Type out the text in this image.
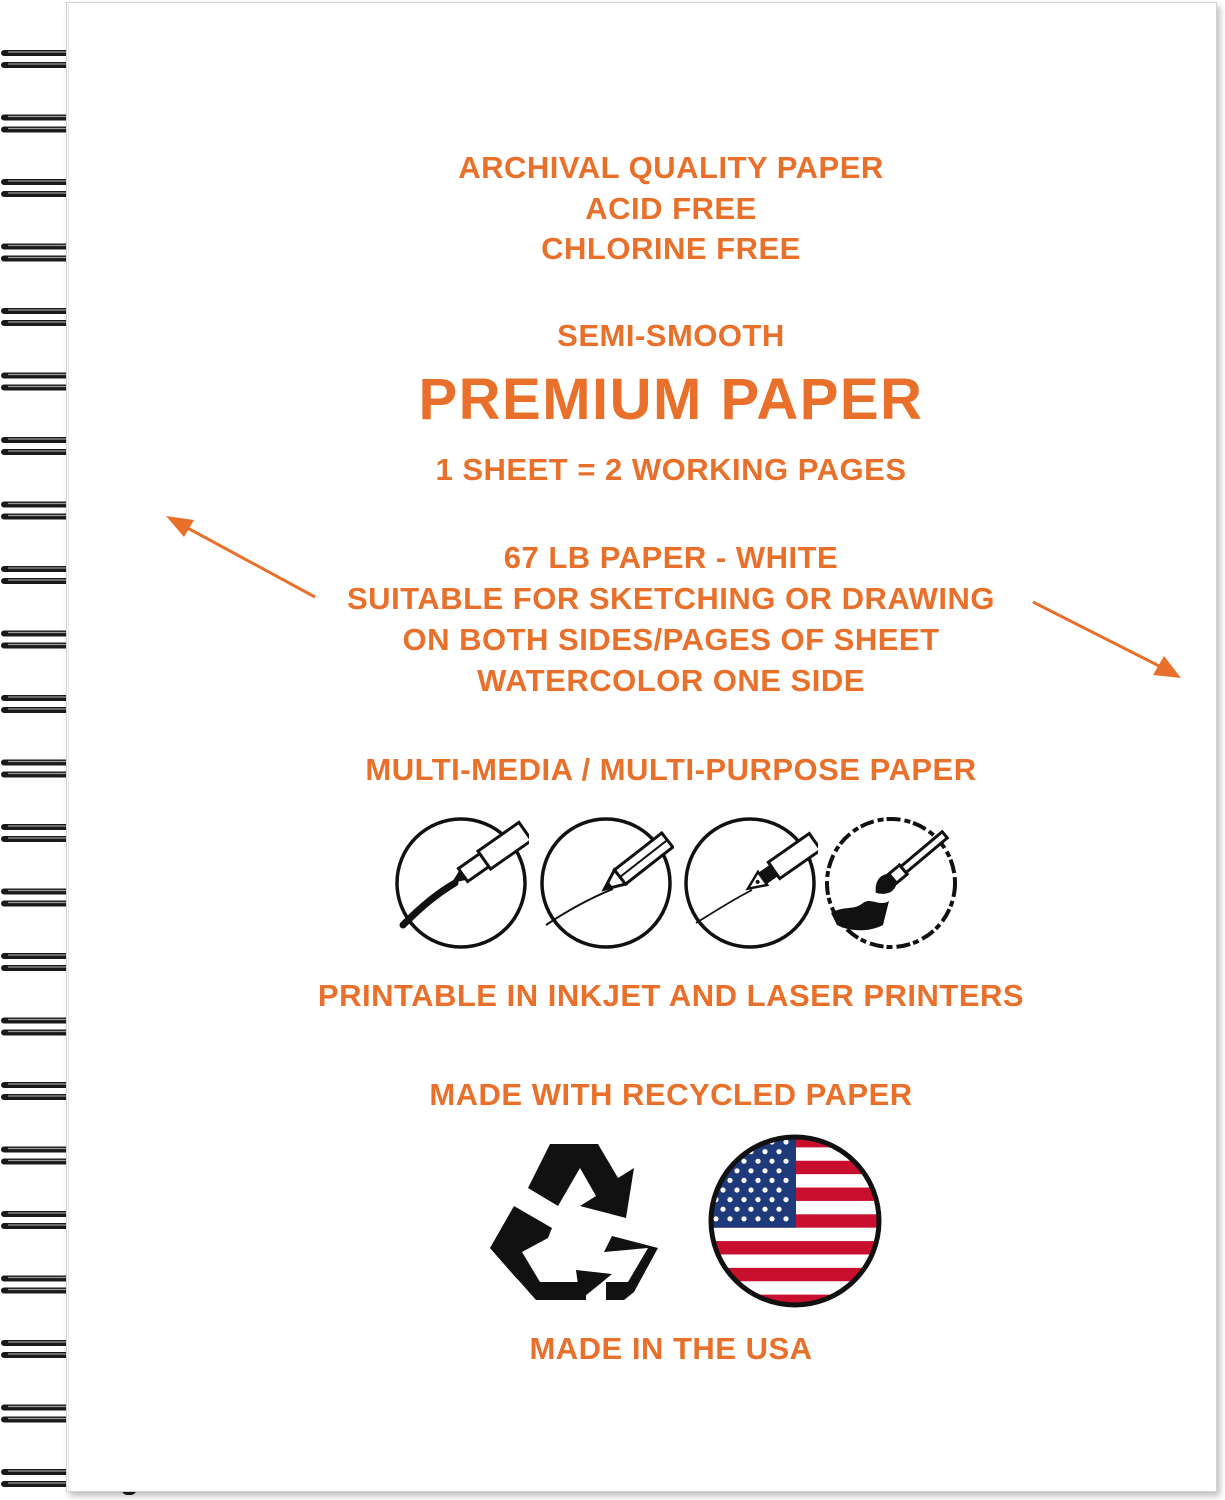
ARCHIVAL QUALITY PAPER
ACID FREE
CHLORINE FREE
SEMI-SMOOTH
PREMIUM PAPER
1 SHEET = 2 WORKING PAGES
67 LB PAPER - WHITE
SUITABLE FOR SKETCHING OR DRAWING
ON BOTH SIDES/PAGES OF SHEET
WATERCOLOR ONE SIDE
MULTI-MEDIA / MULTI-PURPOSE PAPER
PRINTABLE IN INKJET AND LASER PRINTERS
MADE WITH RECYCLED PAPER
MADE IN THE USA
